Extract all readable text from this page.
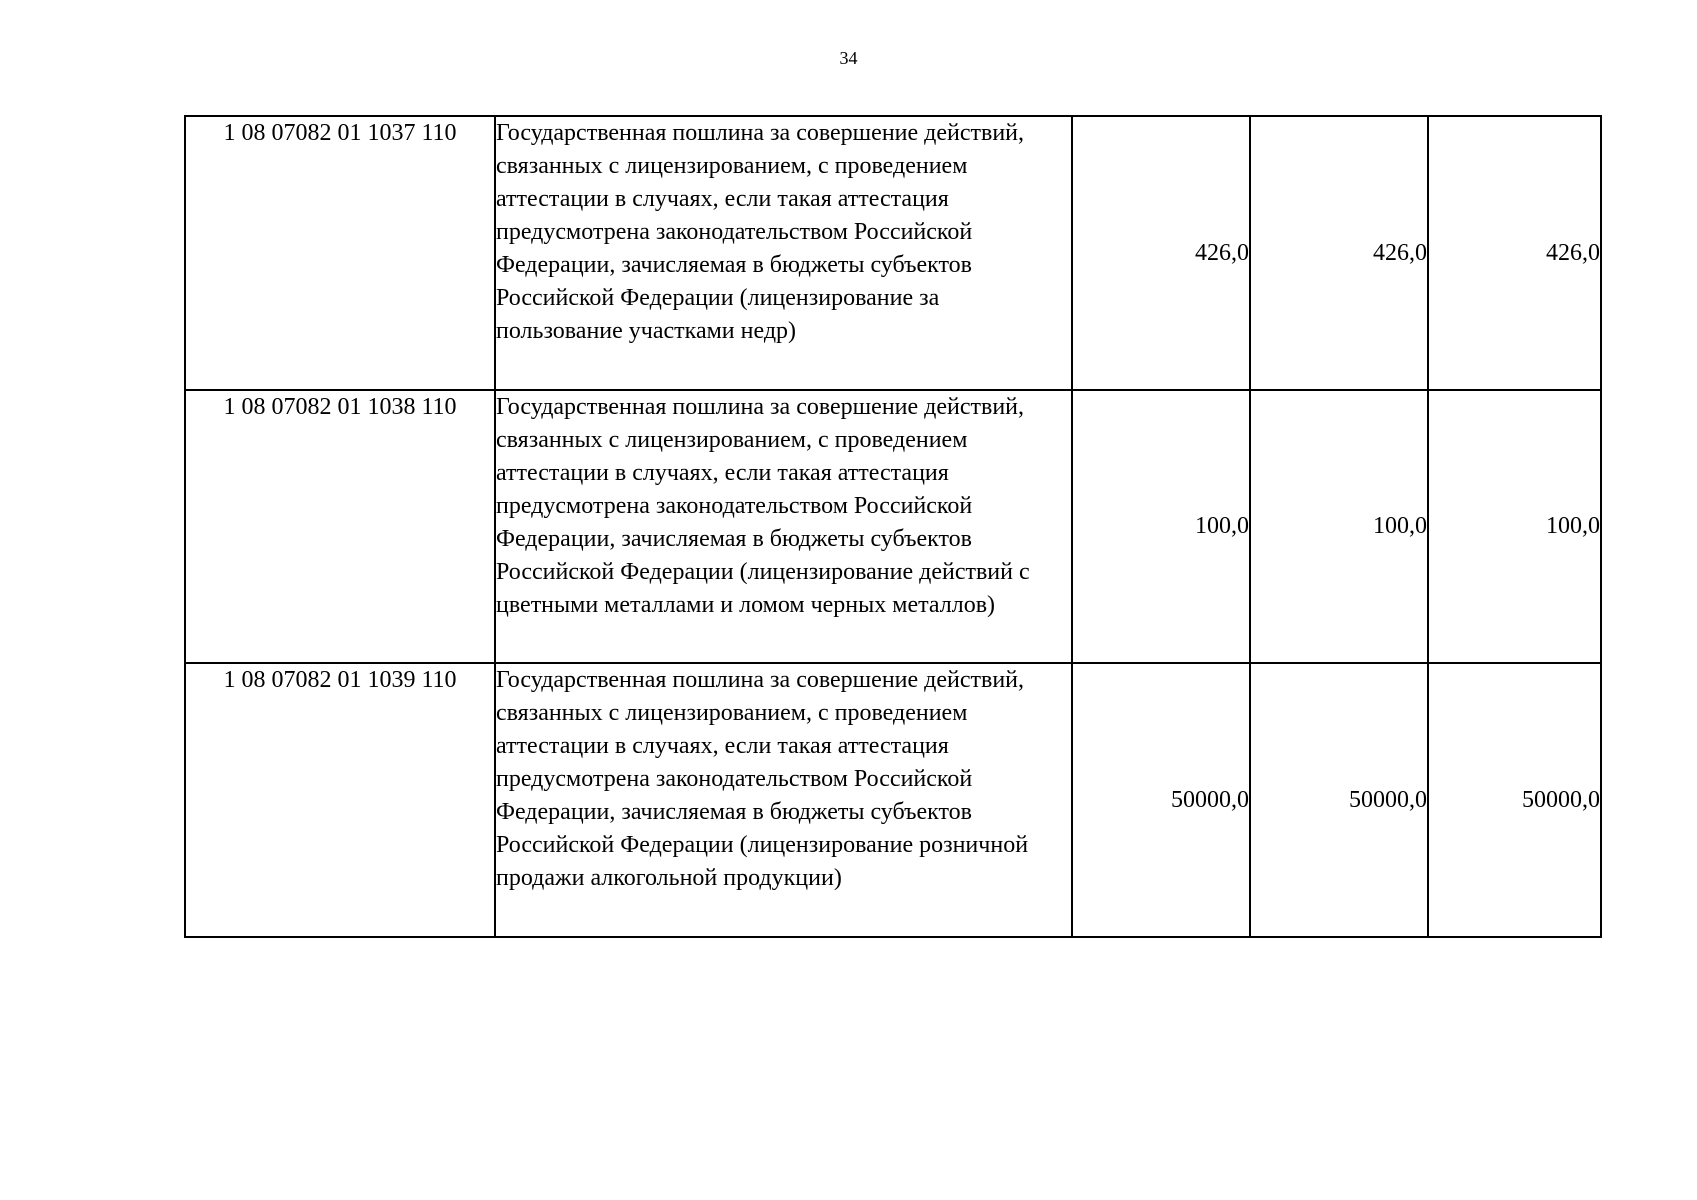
34
1 08 07082 01 1037 110	Государственная пошлина за совершение действий, связанных с лицензированием, с проведением аттестации в случаях, если такая аттестация предусмотрена законодательством Российской Федерации, зачисляемая в бюджеты субъектов Российской Федерации (лицензирование за пользование участками недр)	426,0	426,0	426,0
1 08 07082 01 1038 110	Государственная пошлина за совершение действий, связанных с лицензированием, с проведением аттестации в случаях, если такая аттестация предусмотрена законодательством Российской Федерации, зачисляемая в бюджеты субъектов Российской Федерации (лицензирование действий с цветными металлами и ломом черных металлов)	100,0	100,0	100,0
1 08 07082 01 1039 110	Государственная пошлина за совершение действий, связанных с лицензированием, с проведением аттестации в случаях, если такая аттестация предусмотрена законодательством Российской Федерации, зачисляемая в бюджеты субъектов Российской Федерации (лицензирование розничной продажи алкогольной продукции)	50000,0	50000,0	50000,0
